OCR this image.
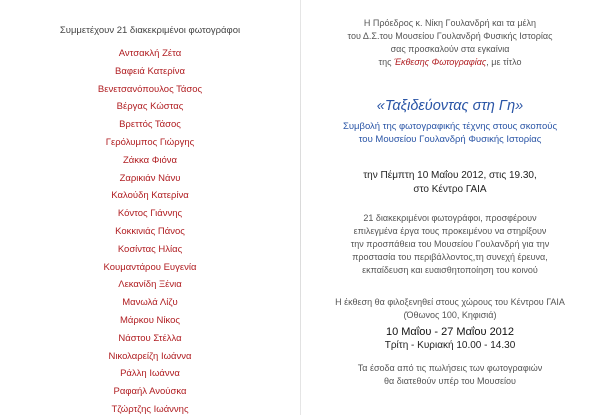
Συμμετέχουν 21 διακεκριμένοι φωτογράφοι
Αντσακλή Ζέτα
Βαφειά Κατερίνα
Βενετσανόπουλος Τάσος
Βέργας Κώστας
Βρεττός Τάσος
Γερόλυμπος Γιώργης
Ζάκκα Φιόνα
Ζαρικιάν Νάνυ
Καλούδη Κατερίνα
Κόντος Γιάννης
Κοκκινιάς Πάνος
Κοσίντας Ηλίας
Κουμαντάρου Ευγενία
Λεκανίδη Ξένια
Μανωλά Λίζυ
Μάρκου Νίκος
Νάστου Στέλλα
Νικολαρείζη Ιωάννα
Ράλλη Ιωάννα
Ραφαήλ Ανούσκα
Τζώρτζης Ιωάννης
Η Πρόεδρος κ. Νίκη Γουλανδρή και τα μέλη
του Δ.Σ.του Μουσείου Γουλανδρή Φυσικής Ιστορίας
σας προσκαλούν στα εγκαίνια
της Έκθεσης Φωτογραφίας, με τίτλο
«Ταξιδεύοντας στη Γη»
Συμβολή της φωτογραφικής τέχνης στους σκοπούς
του Μουσείου Γουλανδρή Φυσικής Ιστορίας
την Πέμπτη 10 Μαΐου 2012, στις 19.30,
στο Κέντρο ΓΑΙΑ
21 διακεκριμένοι φωτογράφοι, προσφέρουν
επιλεγμένα έργα τους προκειμένου να στηρίξουν
την προσπάθεια του Μουσείου Γουλανδρή για την
προστασία του περιβάλλοντος,τη συνεχή έρευνα,
εκπαίδευση και ευαισθητοποίηση του κοινού
Η έκθεση θα φιλοξενηθεί στους χώρους του Κέντρου ΓΑΙΑ
(Όθωνος 100, Κηφισιά)
10 Μαΐου - 27 Μαΐου 2012
Τρίτη - Κυριακή 10.00 - 14.30
Τα έσοδα από τις πωλήσεις των φωτογραφιών
θα διατεθούν υπέρ του Μουσείου
